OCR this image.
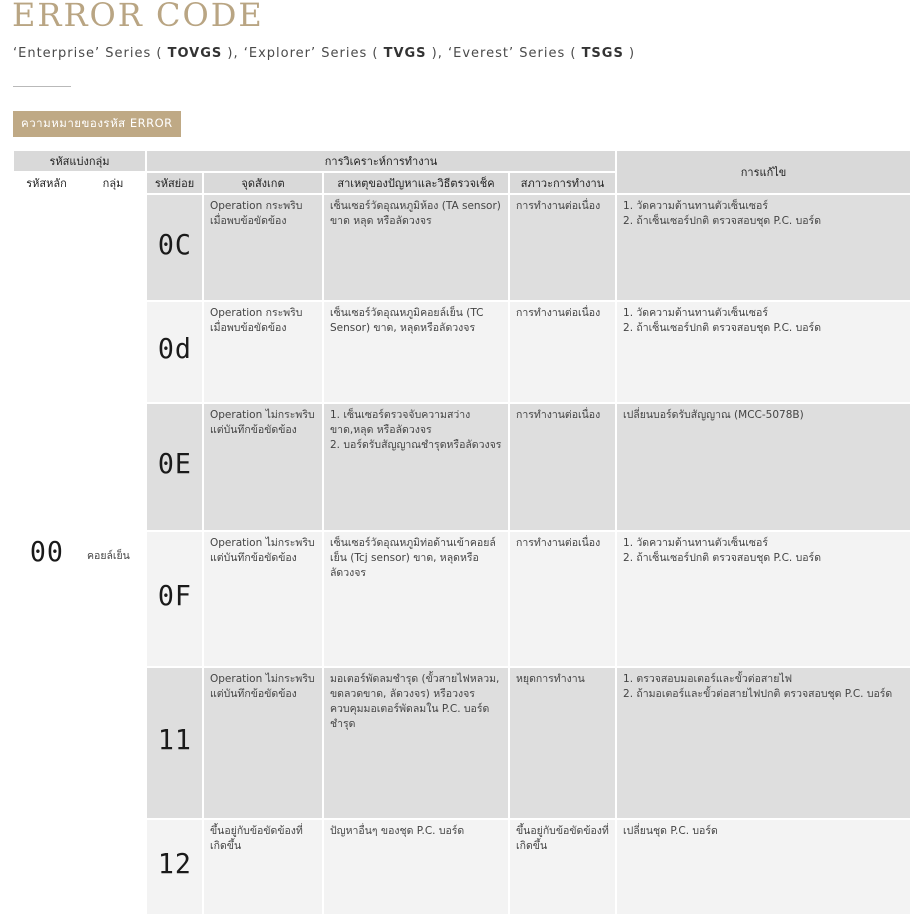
ERROR CODE
‘Enterprise’ Series ( TOVGS ), ‘Explorer’ Series ( TVGS ), ‘Everest’ Series ( TSGS )
ความหมายของรหัส ERROR
รหัสแบ่งกลุ่ม		การวิเคราะห์การทำงาน				การแก้ไข
รหัสหลัก	กลุ่ม	รหัสย่อย	จุดสังเกต	สาเหตุของปัญหาและวิธีตรวจเช็ค	สภาวะการทำงาน	
00	คอยล์เย็น	0C	Operation กระพริบเมื่อพบข้อขัดข้อง	เซ็นเซอร์วัดอุณหภูมิห้อง (TA sensor) ขาด หลุด หรือลัดวงจร	การทำงานต่อเนื่อง	1. วัดความต้านทานตัวเซ็นเซอร์
2. ถ้าเซ็นเซอร์ปกติ ตรวจสอบชุด P.C. บอร์ด
		0d	Operation กระพริบเมื่อพบข้อขัดข้อง	เซ็นเซอร์วัดอุณหภูมิคอยล์เย็น (TC Sensor) ขาด, หลุดหรือลัดวงจร	การทำงานต่อเนื่อง	1. วัดความต้านทานตัวเซ็นเซอร์
2. ถ้าเซ็นเซอร์ปกติ ตรวจสอบชุด P.C. บอร์ด
		0E	Operation ไม่กระพริบแต่บันทึกข้อขัดข้อง	1. เซ็นเซอร์ตรวจจับความสว่างขาด,หลุด หรือลัดวงจร
2. บอร์ดรับสัญญาณชำรุดหรือลัดวงจร	การทำงานต่อเนื่อง	เปลี่ยนบอร์ดรับสัญญาณ (MCC-5078B)
		0F	Operation ไม่กระพริบแต่บันทึกข้อขัดข้อง	เซ็นเซอร์วัดอุณหภูมิท่อด้านเข้าคอยล์เย็น (Tcj sensor) ขาด, หลุดหรือลัดวงจร	การทำงานต่อเนื่อง	1. วัดความต้านทานตัวเซ็นเซอร์
2. ถ้าเซ็นเซอร์ปกติ ตรวจสอบชุด P.C. บอร์ด
		11	Operation ไม่กระพริบแต่บันทึกข้อขัดข้อง	มอเตอร์พัดลมชำรุด (ขั้วสายไฟหลวม, ขดลวดขาด, ลัดวงจร) หรือวงจรควบคุมมอเตอร์พัดลมใน P.C. บอร์ดชำรุด	หยุดการทำงาน	1. ตรวจสอบมอเตอร์และขั้วต่อสายไฟ
2. ถ้ามอเตอร์และขั้วต่อสายไฟปกติ ตรวจสอบชุด P.C. บอร์ด
		12	ขึ้นอยู่กับข้อขัดข้องที่เกิดขึ้น	ปัญหาอื่นๆ ของชุด P.C. บอร์ด	ขึ้นอยู่กับข้อขัดข้องที่เกิดขึ้น	เปลี่ยนชุด P.C. บอร์ด
